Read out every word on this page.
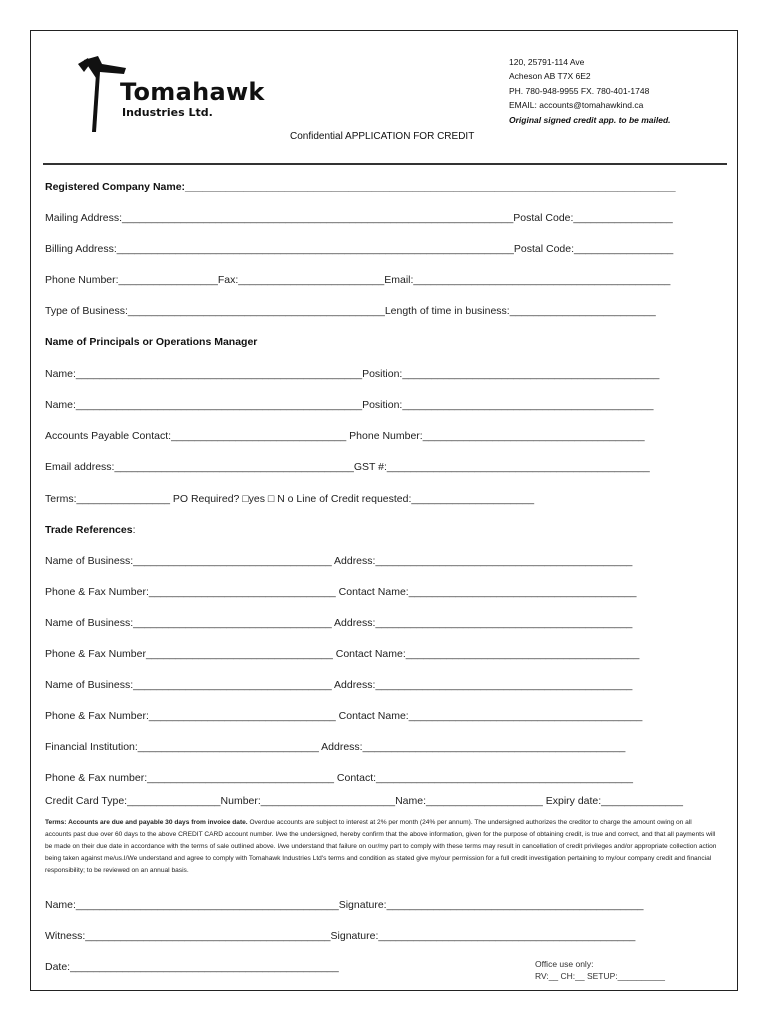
Tomahawk
Industries Ltd.
120, 25791-114 Ave
Acheson AB T7X 6E2
PH. 780-948-9955 FX. 780-401-1748
EMAIL: accounts@tomahawkind.ca
Original signed credit app. to be mailed.
Confidential APPLICATION FOR CREDIT
Registered Company Name:____________________________________________________________________________________
Mailing Address:___________________________________________________________________Postal Code:_________________
Billing Address:____________________________________________________________________Postal Code:_________________
Phone Number:_________________Fax:_________________________Email:____________________________________________
Type of Business:____________________________________________Length of time in business:_________________________
Name of Principals or Operations Manager
Name:_________________________________________________Position:____________________________________________
Name:_________________________________________________Position:___________________________________________
Accounts Payable Contact:______________________________ Phone Number:______________________________________
Email address:_________________________________________GST #:_____________________________________________
Terms:________________ PO Required? □yes □ N o Line of Credit requested:_____________________
Trade References:
Name of Business:__________________________________ Address:____________________________________________
Phone & Fax Number:________________________________ Contact Name:_______________________________________
Name of Business:__________________________________ Address:____________________________________________
Phone & Fax Number________________________________ Contact Name:________________________________________
Name of Business:__________________________________ Address:____________________________________________
Phone & Fax Number:________________________________ Contact Name:________________________________________
Financial Institution:_______________________________ Address:_____________________________________________
Phone & Fax number:________________________________ Contact:____________________________________________
Credit Card Type:________________Number:_______________________Name:____________________ Expiry date:______________
Terms: Accounts are due and payable 30 days from invoice date. Overdue accounts are subject to interest at 2% per month (24% per annum). The undersigned authorizes the creditor to charge the amount owing on all accounts past due over 60 days to the above CREDIT CARD account number. I/we the undersigned, hereby confirm that the above information, given for the purpose of obtaining credit, is true and correct, and that all payments will be made on their due date in accordance with the terms of sale outlined above. I/we understand that failure on our/my part to comply with these terms may result in cancellation of credit privileges and/or appropriate collection action being taken against me/us.I/We understand and agree to comply with Tomahawk Industries Ltd's terms and condition as stated give my/our permission for a full credit investigation pertaining to my/our company credit and financial responsibility; to be reviewed on an annual basis.
Name:_____________________________________________Signature:____________________________________________
Witness:__________________________________________Signature:____________________________________________
Date:______________________________________________	Office use only:
RV:__ CH:__ SETUP:__________
